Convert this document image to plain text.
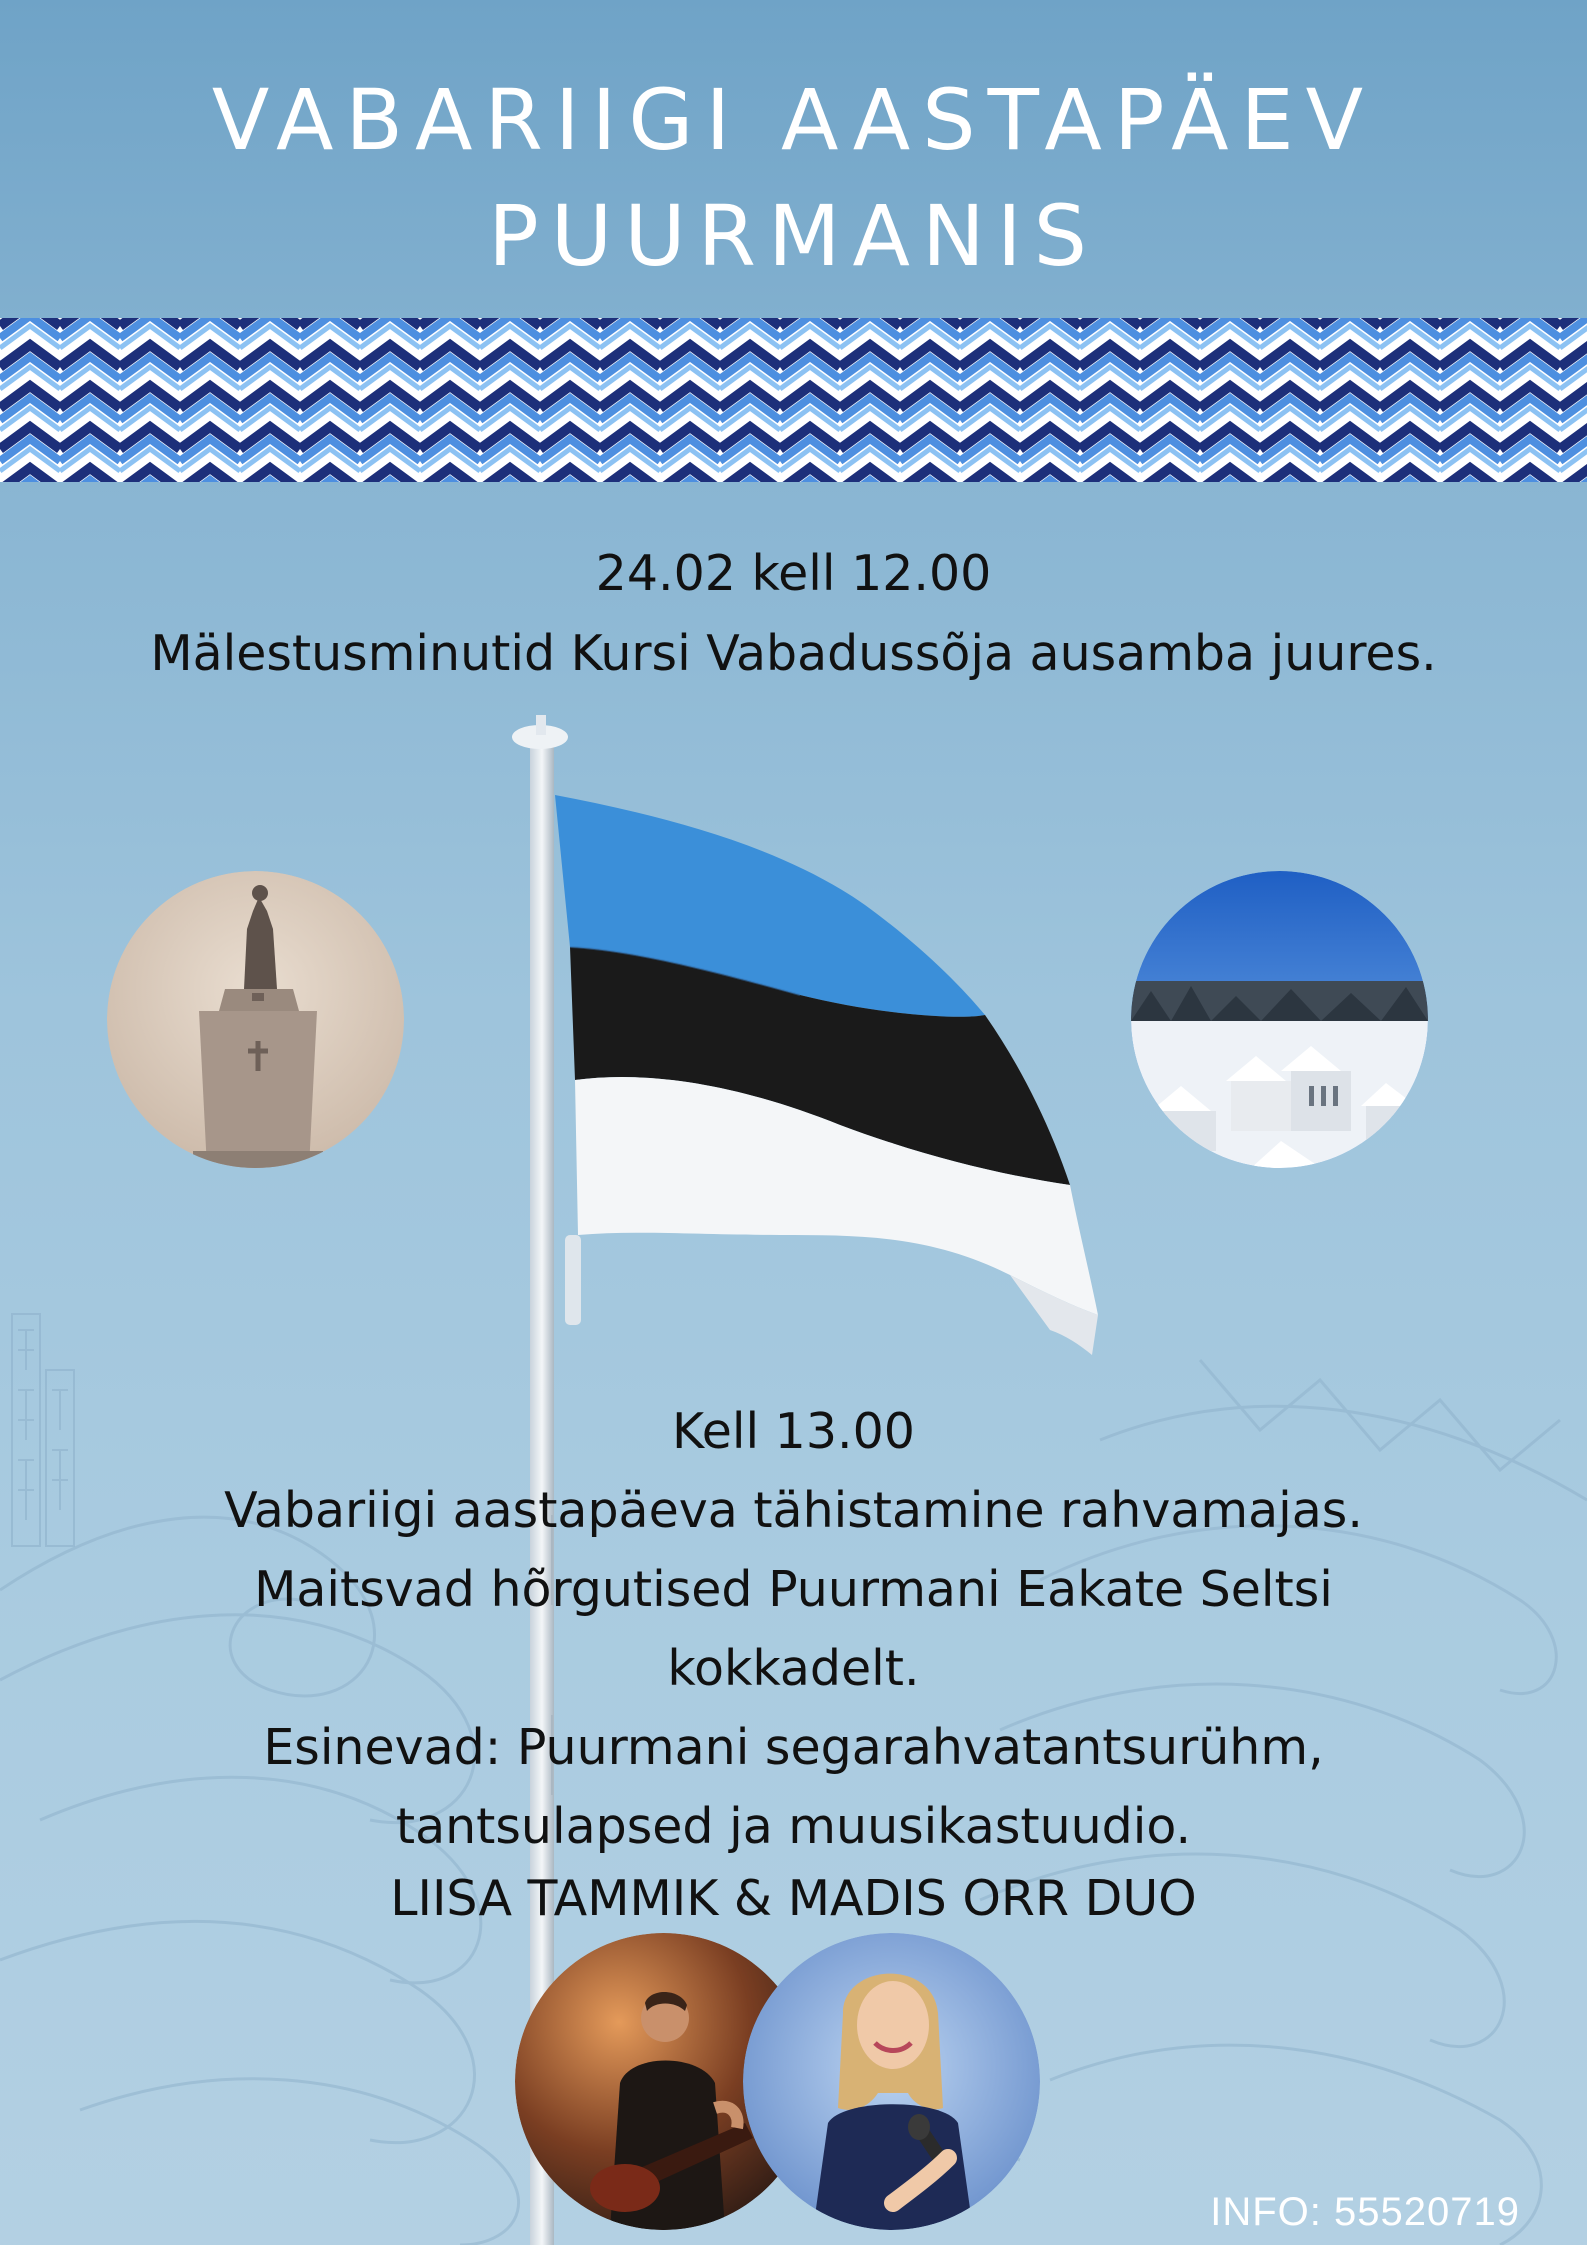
VABARIIGI AASTAPÄEV
PUURMANIS
24.02 kell 12.00
Mälestusminutid Kursi Vabadussõja ausamba juures.
Kell 13.00
Vabariigi aastapäeva tähistamine rahvamajas.
Maitsvad hõrgutised Puurmani Eakate Seltsi
kokkadelt.
Esinevad: Puurmani segarahvatantsurühm,
tantsulapsed ja muusikastuudio.
LIISA TAMMIK & MADIS ORR DUO
INFO: 55520719
